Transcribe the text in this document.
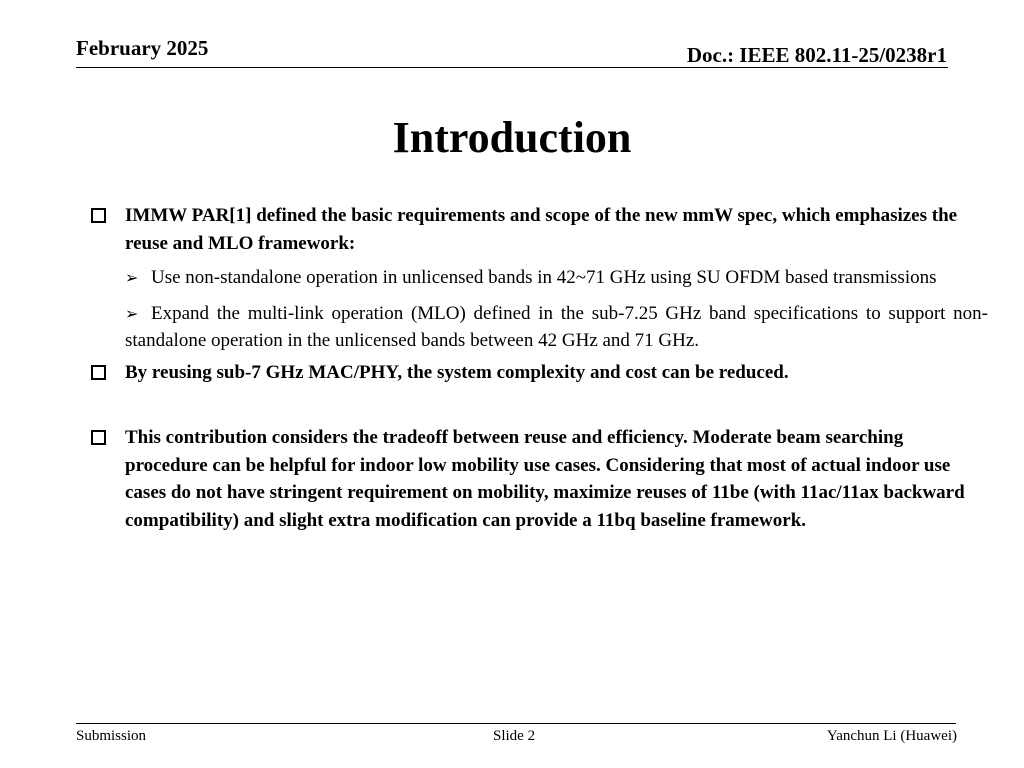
February 2025	Doc.: IEEE 802.11-25/0238r1
Introduction
IMMW PAR[1] defined the basic requirements and scope of the new mmW spec, which emphasizes the reuse and MLO framework:
➢ Use non-standalone operation in unlicensed bands in 42~71 GHz using SU OFDM based transmissions
➢ Expand the multi-link operation (MLO) defined in the sub-7.25 GHz band specifications to support non-standalone operation in the unlicensed bands between 42 GHz and 71 GHz.
By reusing sub-7 GHz MAC/PHY, the system complexity and cost can be reduced.
This contribution considers the tradeoff between reuse and efficiency. Moderate beam searching procedure can be helpful for indoor low mobility use cases. Considering that most of actual indoor use cases do not have stringent requirement on mobility, maximize reuses of 11be (with 11ac/11ax backward compatibility) and slight extra modification can provide a 11bq baseline framework.
Submission	Slide 2	Yanchun Li (Huawei)
